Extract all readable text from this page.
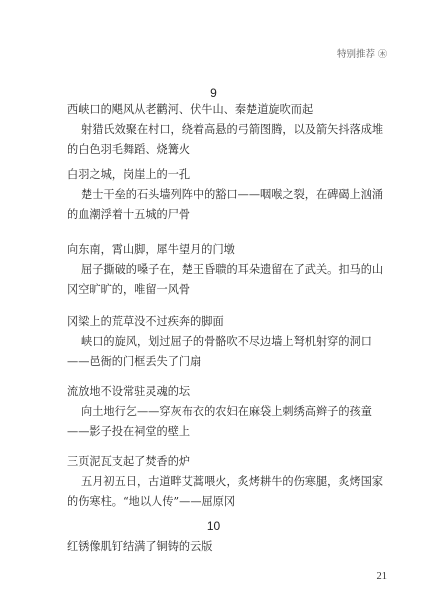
特别推荐 ㊍
9

西峡口的飓风从老鹳河、伏牛山、秦楚道旋吹而起

射猎氏效聚在村口，绕着高悬的弓箭图腾，以及箭矢抖落成堆的白色羽毛舞蹈、烧篝火

白羽之城，岗崖上的一孔

楚士干垒的石头墙列阵中的豁口——咽喉之裂，在碑碣上汹涌的血潮浮着十五城的尸骨

向东南，霄山脚，犀牛望月的门墩

屈子撕破的嗓子在，楚王昏聩的耳朵遗留在了武关。扣马的山冈空旷旷的，唯留一风骨

冈梁上的荒草没不过疾奔的脚面

峡口的旋风，划过屈子的骨骼吹不尽边墙上弩机射穿的洞口——邑衙的门框丢失了门扇

流放地不设常驻灵魂的坛

向土地行乞——穿灰布衣的农妇在麻袋上刺绣高辫子的孩童——影子投在祠堂的壁上

三页泥瓦支起了焚香的炉

五月初五日，古道畔艾蒿喂火，炙烤耕牛的伤寒腿，炙烤国家的伤寒柱。“地以人传”——屈原冈

10

红锈像肌钉结满了铜铸的云版

21
